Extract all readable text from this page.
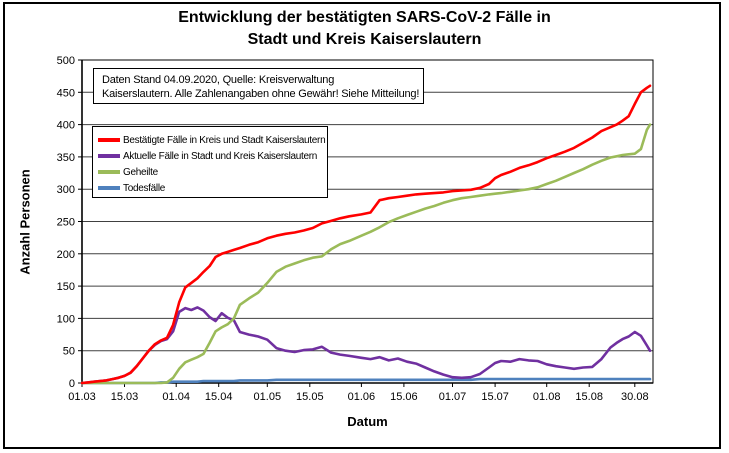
Entwicklung der bestätigten SARS-CoV-2 Fälle in
Stadt und Kreis Kaiserslautern
Anzahl Personen
0
50
100
150
200
250
300
350
400
450
500
01.03 15.03 01.04 15.04 01.05 15.05 01.06 15.06 01.07 15.07 01.08 15.08 30.08
Daten Stand 04.09.2020, Quelle: Kreisverwaltung
Kaiserslautern. Alle Zahlenangaben ohne Gewähr! Siehe Mitteilung!
Bestätigte Fälle in Kreis und Stadt Kaiserslautern
Aktuelle Fälle in Stadt und Kreis Kaiserslautern
Geheilte
Todesfälle
Datum
